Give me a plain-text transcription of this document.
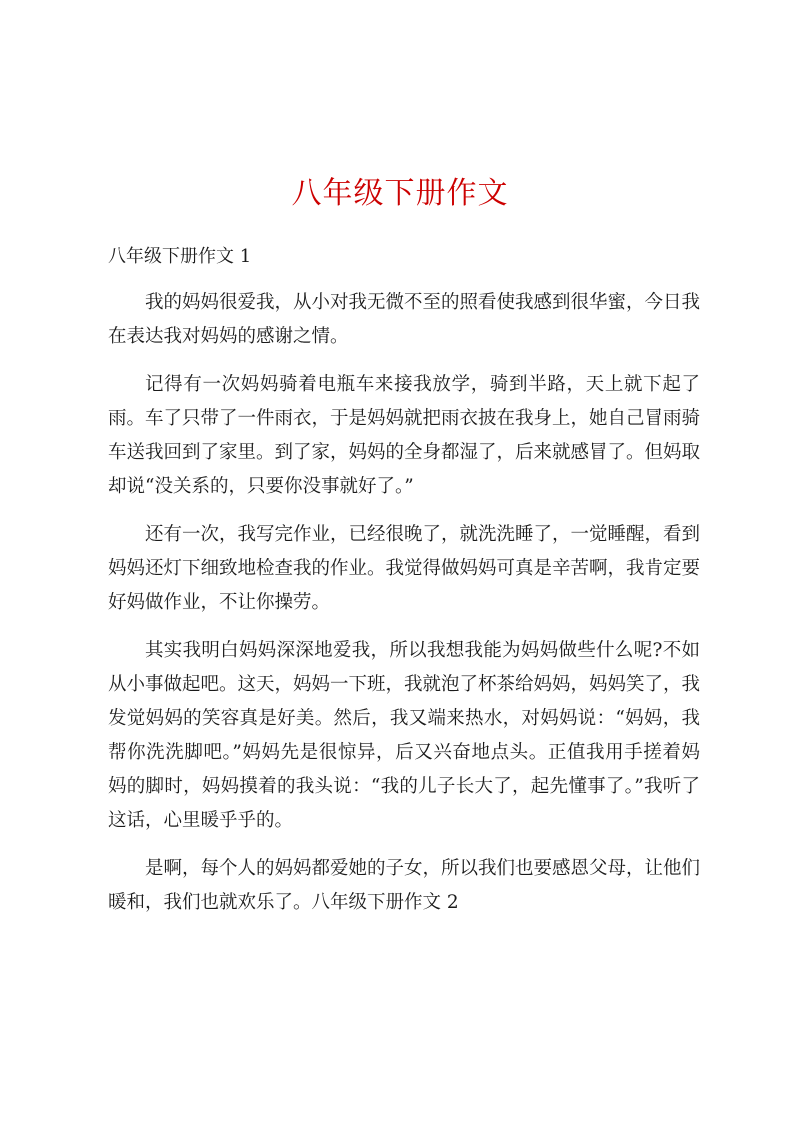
八年级下册作文

八年级下册作文 1

我的妈妈很爱我，从小对我无微不至的照看使我感到很华蜜，今日我在表达我对妈妈的感谢之情。

记得有一次妈妈骑着电瓶车来接我放学，骑到半路，天上就下起了雨。车了只带了一件雨衣，于是妈妈就把雨衣披在我身上，她自己冒雨骑车送我回到了家里。到了家，妈妈的全身都湿了，后来就感冒了。但妈取却说“没关系的，只要你没事就好了。”

还有一次，我写完作业，已经很晚了，就洗洗睡了，一觉睡醒，看到妈妈还灯下细致地检查我的作业。我觉得做妈妈可真是辛苦啊，我肯定要好妈做作业，不让你操劳。

其实我明白妈妈深深地爱我，所以我想我能为妈妈做些什么呢?不如从小事做起吧。这天，妈妈一下班，我就泡了杯茶给妈妈，妈妈笑了，我发觉妈妈的笑容真是好美。然后，我又端来热水，对妈妈说：“妈妈，我帮你洗洗脚吧。”妈妈先是很惊异，后又兴奋地点头。正值我用手搓着妈妈的脚时，妈妈摸着的我头说：“我的儿子长大了，起先懂事了。”我听了这话，心里暖乎乎的。

是啊，每个人的妈妈都爱她的子女，所以我们也要感恩父母，让他们暖和，我们也就欢乐了。八年级下册作文 2
